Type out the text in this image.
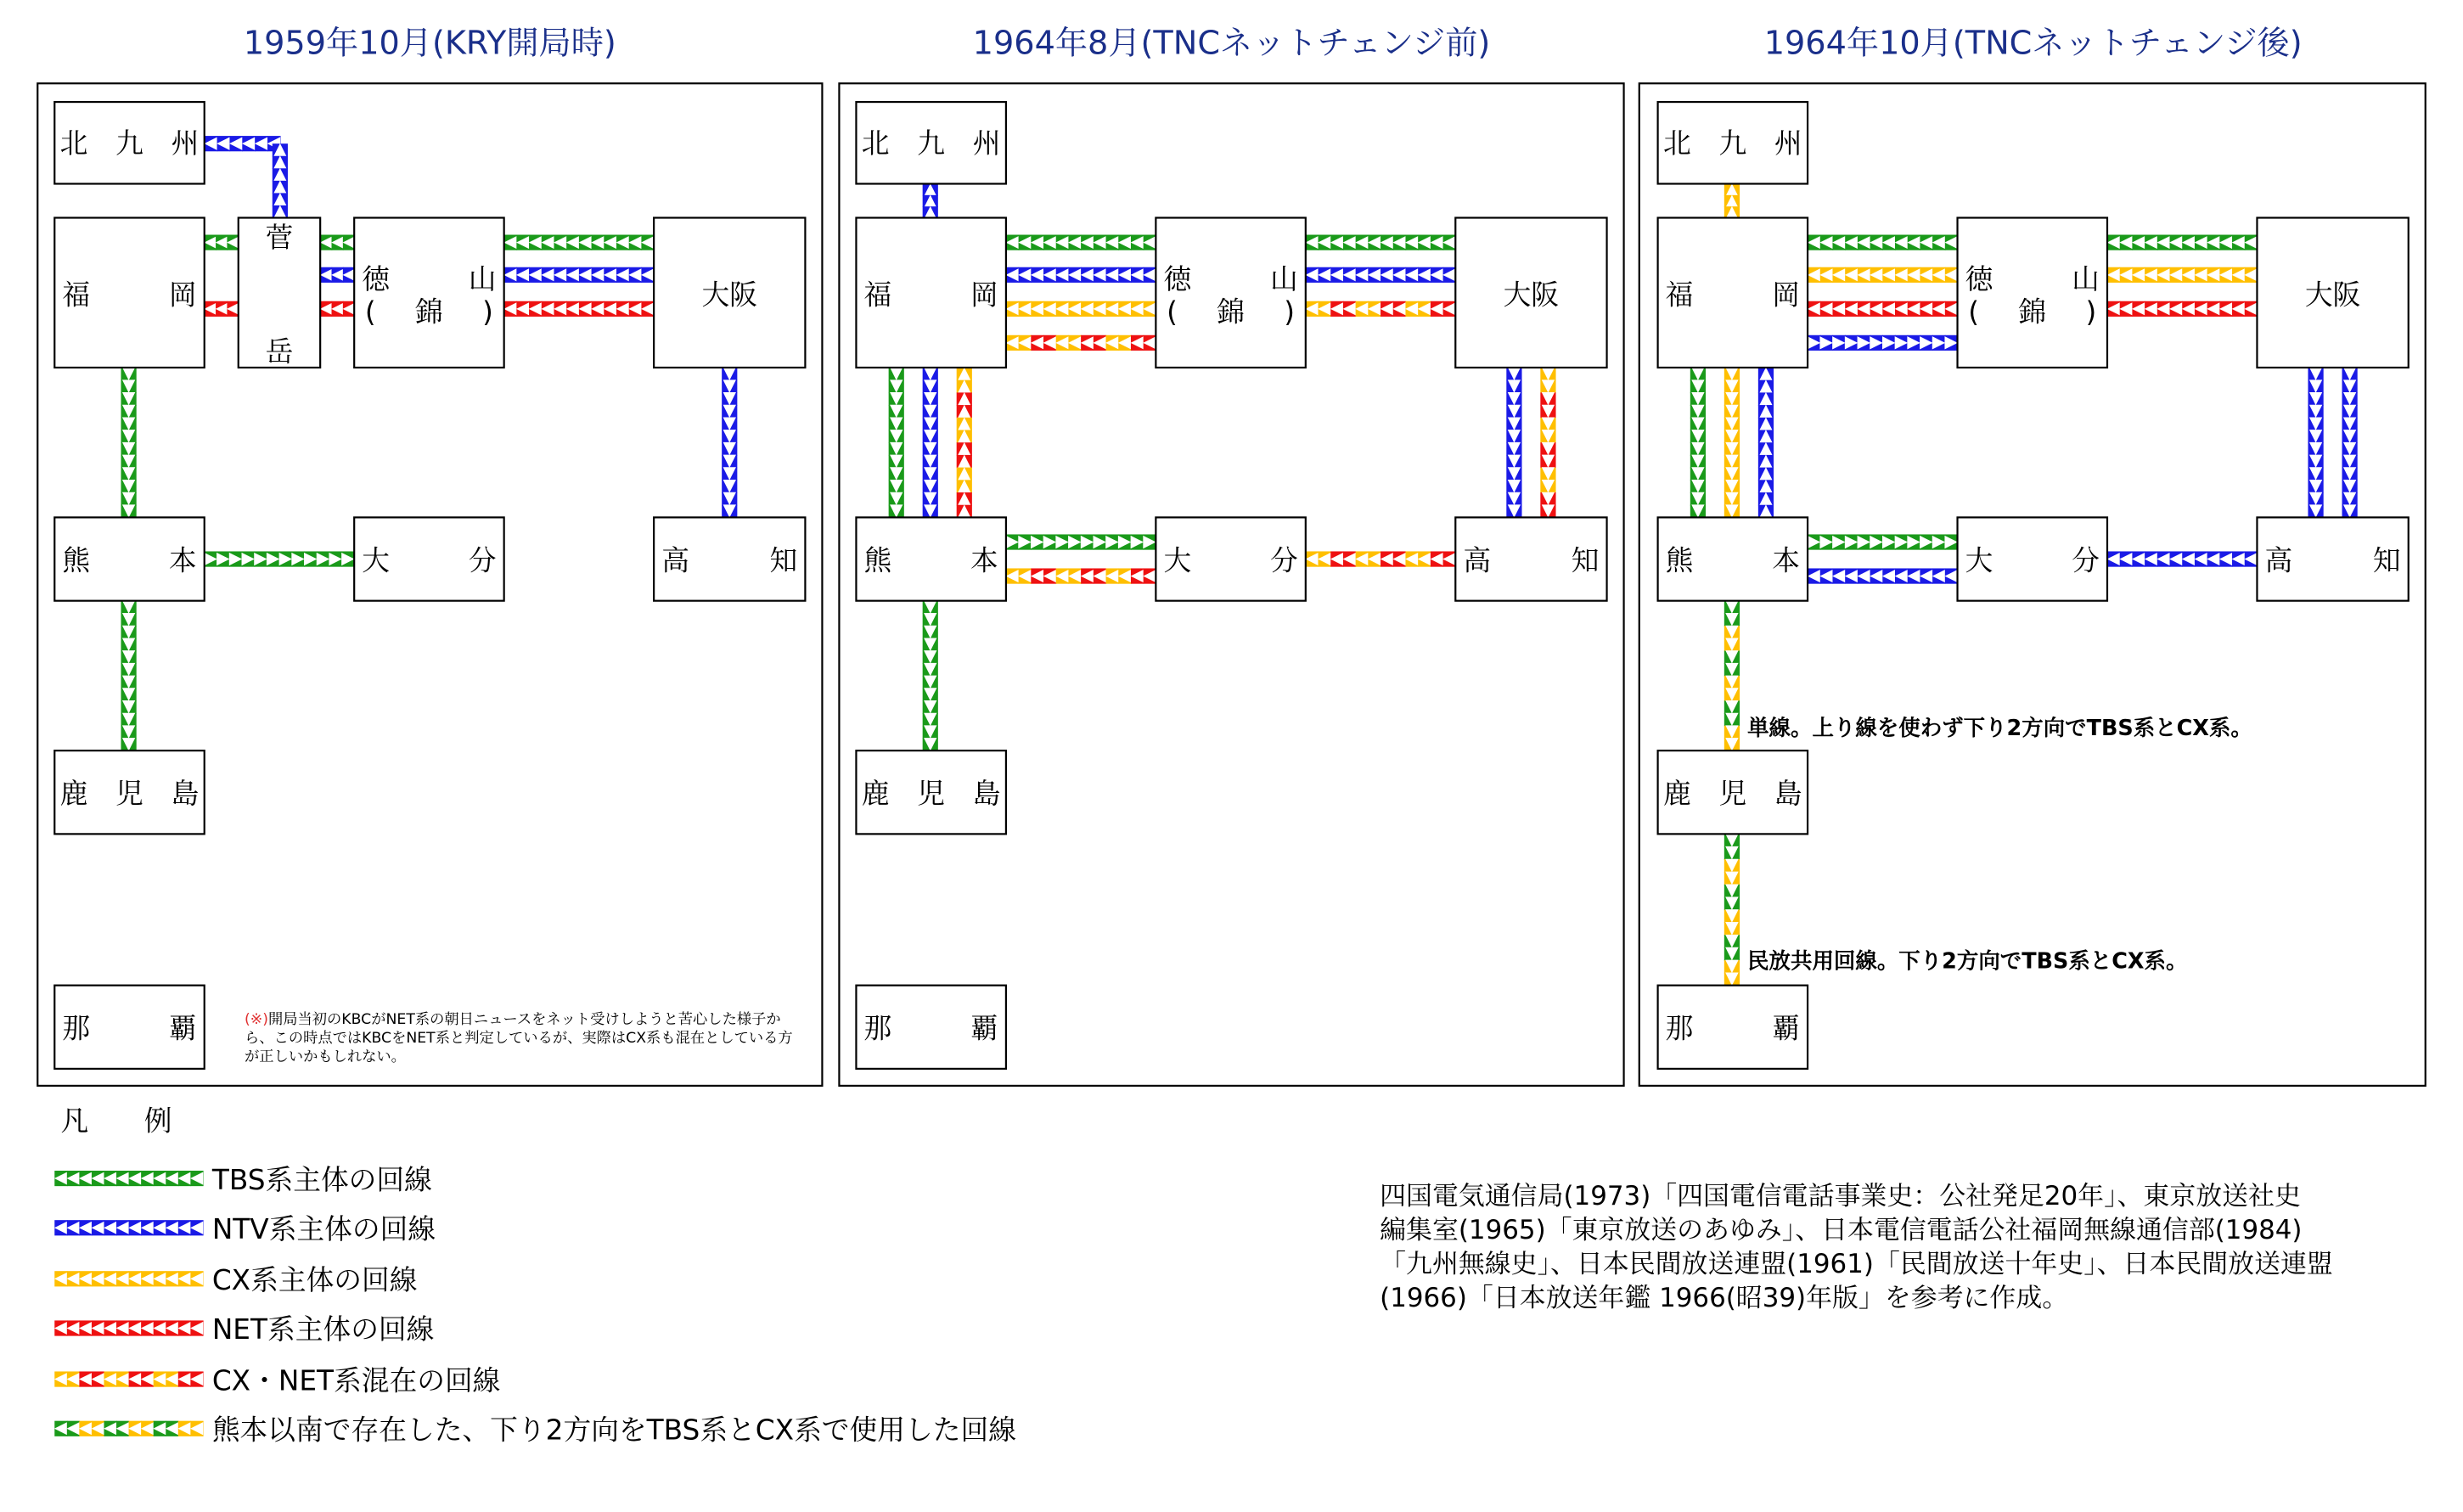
1959年10月(KRY開局時)
北　九　州
福	岡
菅
岳
徳	山
(	錦	)
大阪
熊	本	大	分	高	知
鹿　児　島
那	覇	(※)開局当初のKBCがNET系の朝日ニュースをネット受けしようと苦心した様子か
ら、この時点ではKBCをNET系と判定しているが、実際はCX系も混在としている方
が正しいかもしれない。
1964年8月(TNCネットチェンジ前)
北　九　州
福	岡	徳	山
(	錦	)
大阪
熊	本	大	分	高	知
鹿　児　島
那	覇
1964年10月(TNCネットチェンジ後)
北　九　州
福	岡	徳	山
(	錦	)
大阪
熊	本	大	分	高	知
鹿　児　島
那	覇
単線。上り線を使わず下り2方向でTBS系とCX系。
民放共用回線。下り2方向でTBS系とCX系。
凡　　例
TBS系主体の回線
NTV系主体の回線
CX系主体の回線
NET系主体の回線
CX・NET系混在の回線
熊本以南で存在した、下り2方向をTBS系とCX系で使用した回線
四国電気通信局(1973)「四国電信電話事業史：公社発足20年」、東京放送社史
編集室(1965)「東京放送のあゆみ」、日本電信電話公社福岡無線通信部(1984)
「九州無線史」、日本民間放送連盟(1961)「民間放送十年史」、日本民間放送連盟
(1966)「日本放送年鑑 1966(昭39)年版」を参考に作成。
